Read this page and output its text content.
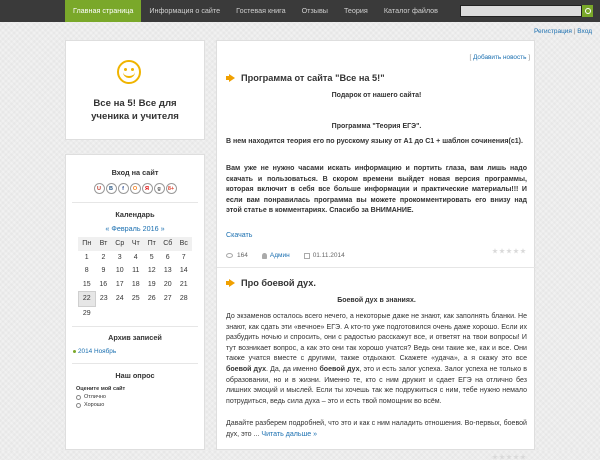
Главная страница	Информация о сайте	Гостевая книга	Отзывы	Теория	Каталог файлов
Регистрация | Вход
Все на 5! Все для
ученика и учителя
Вход на сайт
U	B	f	О	Я	g	8+
Календарь
« Февраль 2016 »
Пн	Вт	Ср	Чт	Пт	Сб	Вс
1	2	3	4	5	6	7
8	9	10	11	12	13	14
15	16	17	18	19	20	21
22	23	24	25	26	27	28
29						
Архив записей
2014 Ноябрь
Наш опрос
Оцените мой сайт
Отлично
Хорошо
[ Добавить новость ]
Программа от сайта "Все на 5!"
Подарок от нашего сайта!
Программа "Теория ЕГЭ".
В нем находится теория его по русскому языку от А1 до С1 + шаблон сочинения(с1).
Вам уже не нужно часами искать информацию и портить глаза, вам лишь надо скачать и пользоваться. В скором времени выйдет новая версия программы, которая включит в себя все больше информации и практические материалы!!! И если вам понравилась программа вы можете прокомментировать его внизу над этой статье в комментариях. Спасибо за ВНИМАНИЕ.
Скачать
164	Админ	01.11.2014
Про боевой дух.
Боевой дух в знаниях.
До экзаменов осталось всего нечего, а некоторые даже не знают, как заполнять бланки. Не знают, как сдать эти «вечное» ЕГЭ. А кто-то уже подготовился очень даже хорошо. Если их разбудить ночью и спросить, они с радостью расскажут все, и ответят на твои вопросы! И тут возникает вопрос, а как это они так хорошо учатся? Ведь они такие же, как и все. Они также учатся вместе с другими, также отдыхают. Скажете «удача», а я скажу это все боевой дух. Да, да именно боевой дух, это и есть залог успеха. Залог успеха не только в образовании, но и в жизни. Именно те, кто с ним дружит и сдает ЕГЭ на отлично без лишних эмоций и мыслей. Если ты хочешь так же подружиться с ним, тебе нужно немало потрудиться, ведь сила духа – это и есть твой помощник во всём.
Давайте разберем подробней, что это и как с ним наладить отношения. Во-первых, боевой дух, это ... Читать дальше »
